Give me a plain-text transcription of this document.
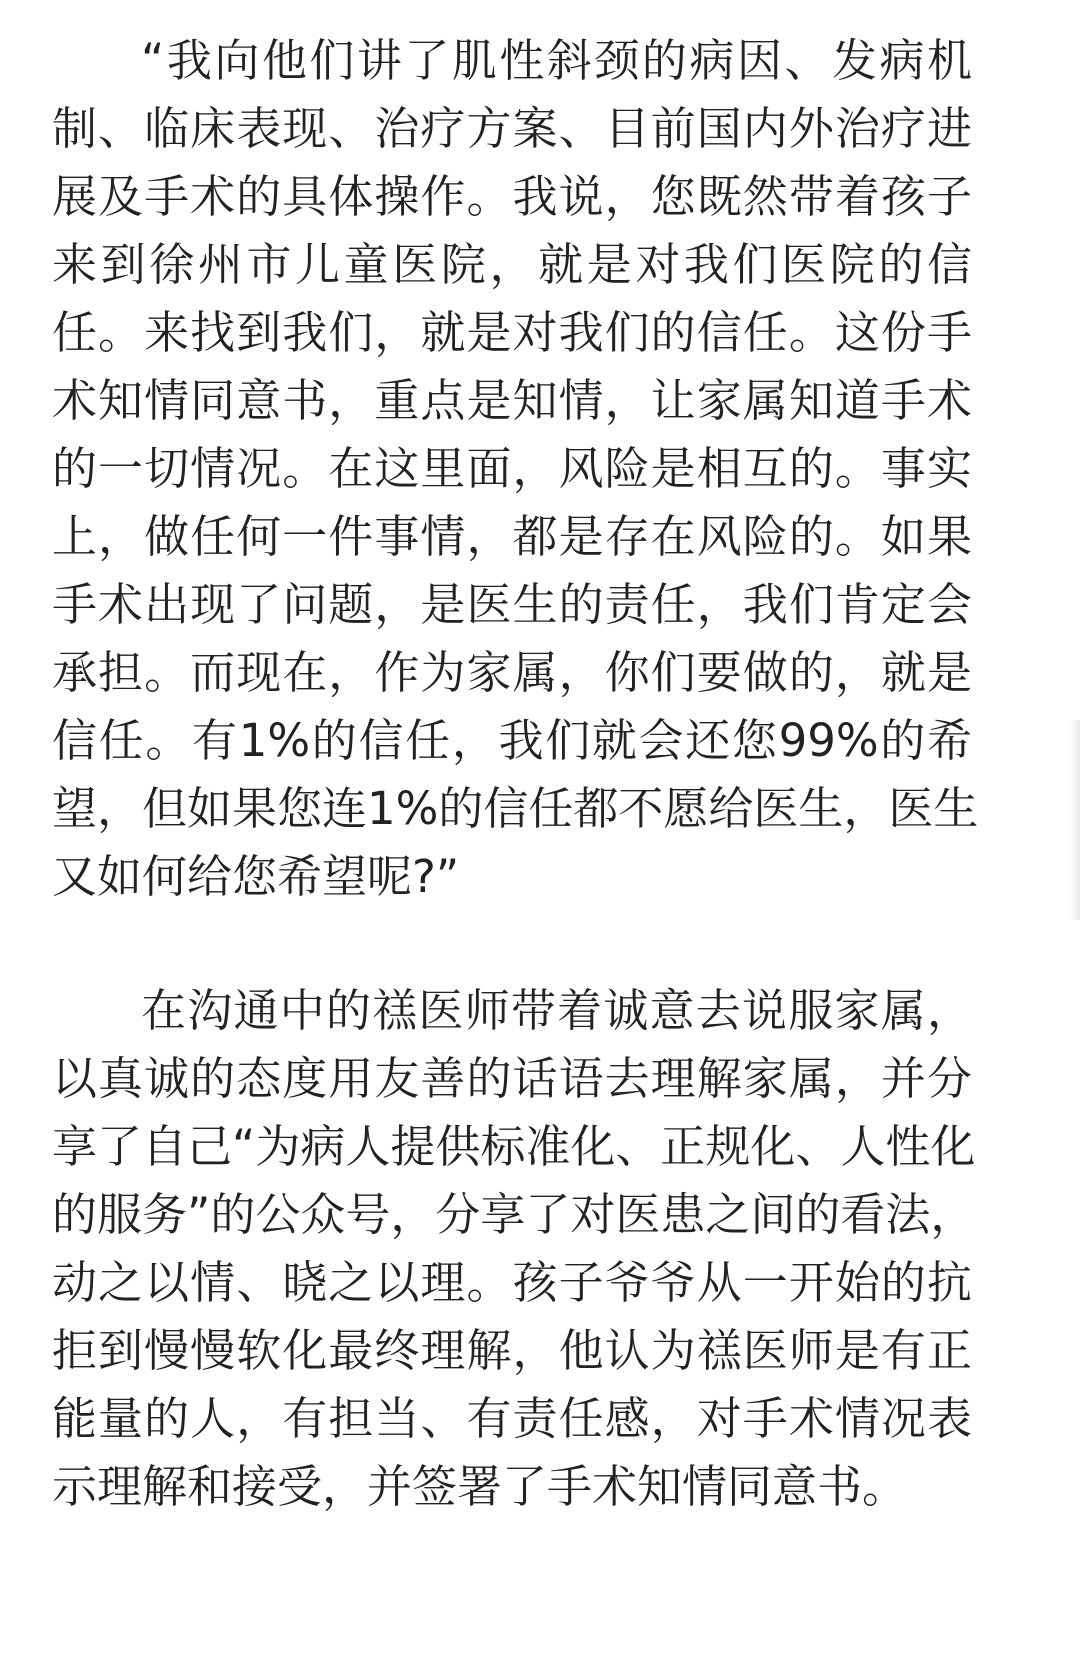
“我向他们讲了肌性斜颈的病因、发病机
制、临床表现、治疗方案、目前国内外治疗进
展及手术的具体操作。我说，您既然带着孩子
来到徐州市儿童医院，就是对我们医院的信
任。来找到我们，就是对我们的信任。这份手
术知情同意书，重点是知情，让家属知道手术
的一切情况。在这里面，风险是相互的。事实
上，做任何一件事情，都是存在风险的。如果
手术出现了问题，是医生的责任，我们肯定会
承担。而现在，作为家属，你们要做的，就是
信任。有1%的信任，我们就会还您99%的希
望，但如果您连1%的信任都不愿给医生，医生
又如何给您希望呢?”

在沟通中的禚医师带着诚意去说服家属，
以真诚的态度用友善的话语去理解家属，并分
享了自己“为病人提供标准化、正规化、人性化
的服务”的公众号，分享了对医患之间的看法，
动之以情、晓之以理。孩子爷爷从一开始的抗
拒到慢慢软化最终理解，他认为禚医师是有正
能量的人，有担当、有责任感，对手术情况表
示理解和接受，并签署了手术知情同意书。
